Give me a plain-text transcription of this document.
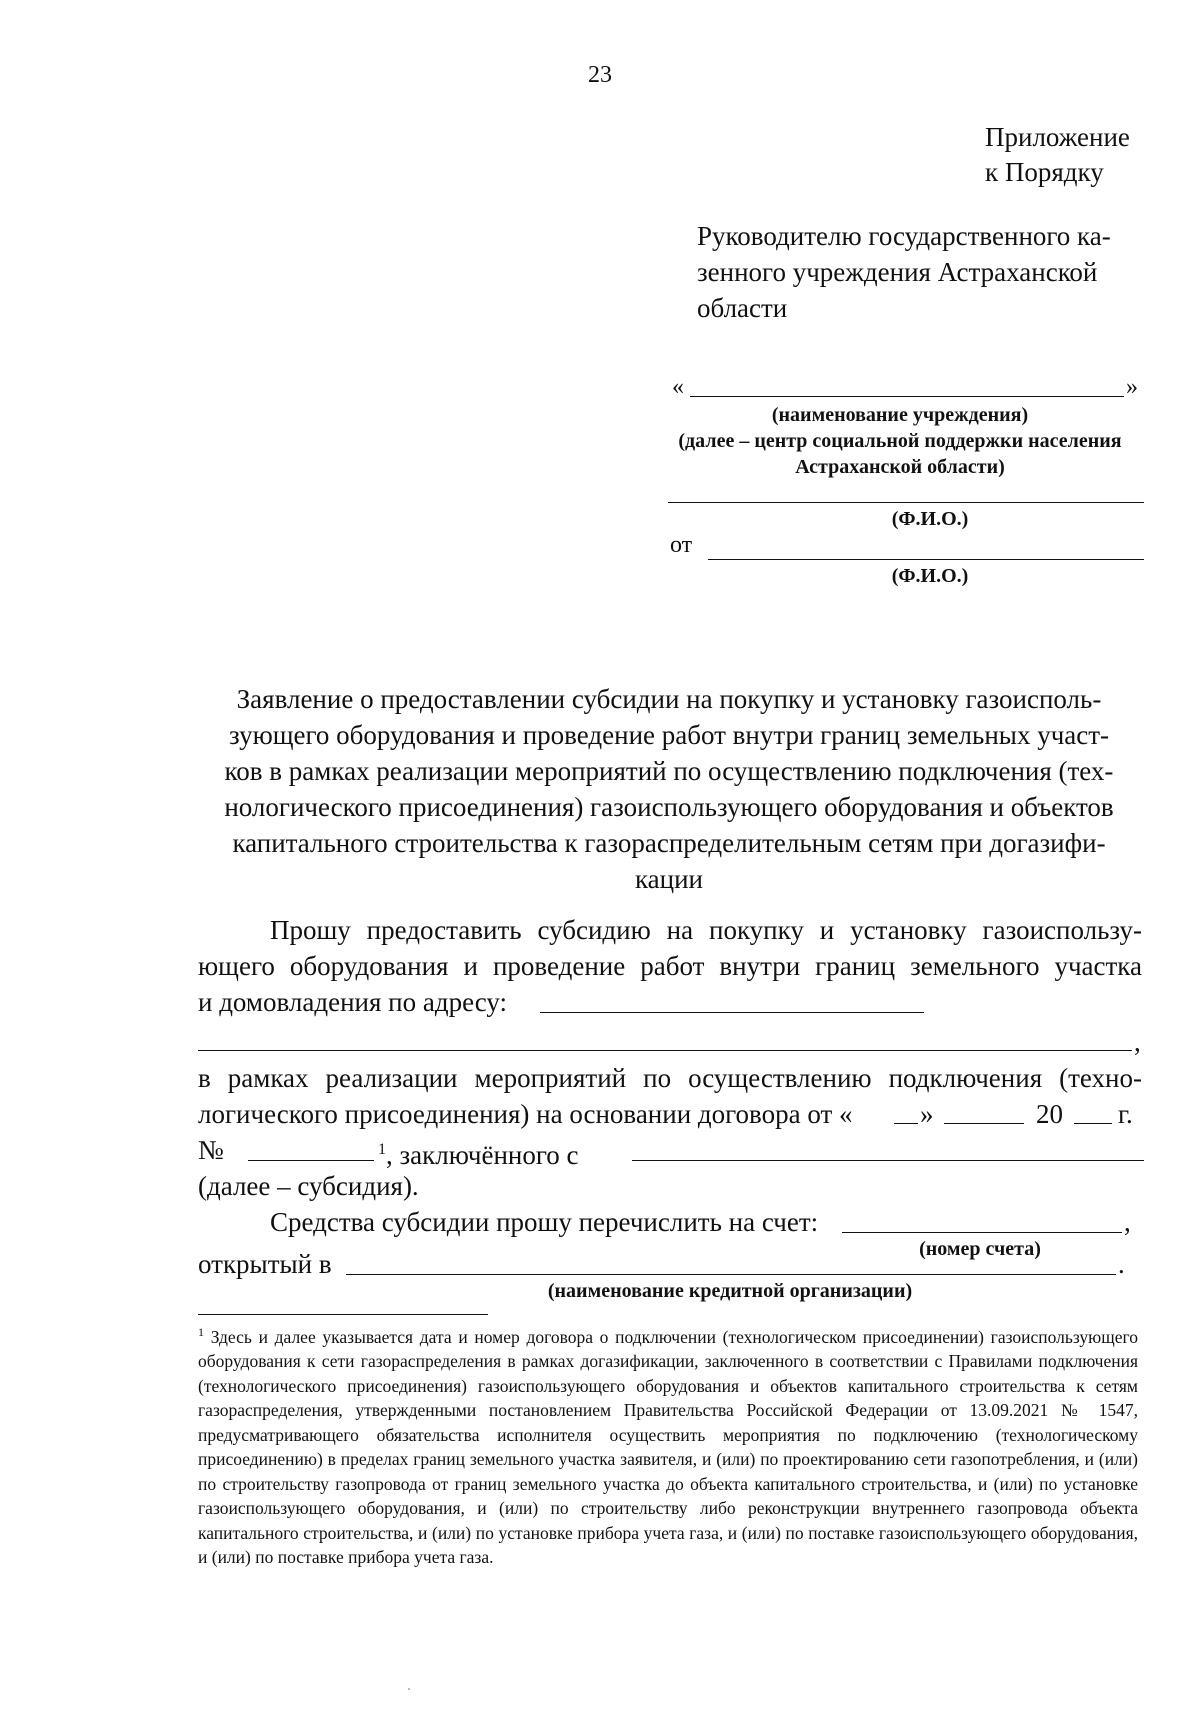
23
Приложение
к Порядку
Руководителю государственного ка-
зенного учреждения Астраханской
области
«	»
(наименование учреждения)
(далее – центр социальной поддержки населения
Астраханской области)
(Ф.И.О.)
от
(Ф.И.О.)
Заявление о предоставлении субсидии на покупку и установку газоисполь-
зующего оборудования и проведение работ внутри границ земельных участ-
ков в рамках реализации мероприятий по осуществлению подключения (тех-
нологического присоединения) газоиспользующего оборудования и объектов
капитального строительства к газораспределительным сетям при догазифи-
кации
Прошу предоставить субсидию на покупку и установку газоиспользу-
ющего оборудования и проведение работ внутри границ земельного участка
и домовладения по адресу:
,
в рамках реализации мероприятий по осуществлению подключения (техно-
логического присоединения) на основании договора от « »	20 г.
№	$^1$, заключённого с
(далее – субсидия).
Средства субсидии прошу перечислить на счет:	,
(номер счета)
открытый в	.
(наименование кредитной организации)
$^1$ Здесь и далее указывается дата и номер договора о подключении (технологическом присоединении) газоиспользующего оборудования к сети газораспределения в рамках догазификации, заключенного в соответствии с Правилами подключения (технологического присоединения) газоиспользующего оборудования и объектов капитального строительства к сетям газораспределения, утвержденными постановлением Правительства Российской Федерации от 13.09.2021 № 1547, предусматривающего обязательства исполнителя осуществить мероприятия по подключению (технологическому присоединению) в пределах границ земельного участка заявителя, и (или) по проектированию сети газопотребления, и (или) по строительству газопровода от границ земельного участка до объекта капитального строительства, и (или) по установке газоиспользующего оборудования, и (или) по строительству либо реконструкции внутреннего газопровода объекта капитального строительства, и (или) по установке прибора учета газа, и (или) по поставке газоиспользующего оборудования, и (или) по поставке прибора учета газа.
